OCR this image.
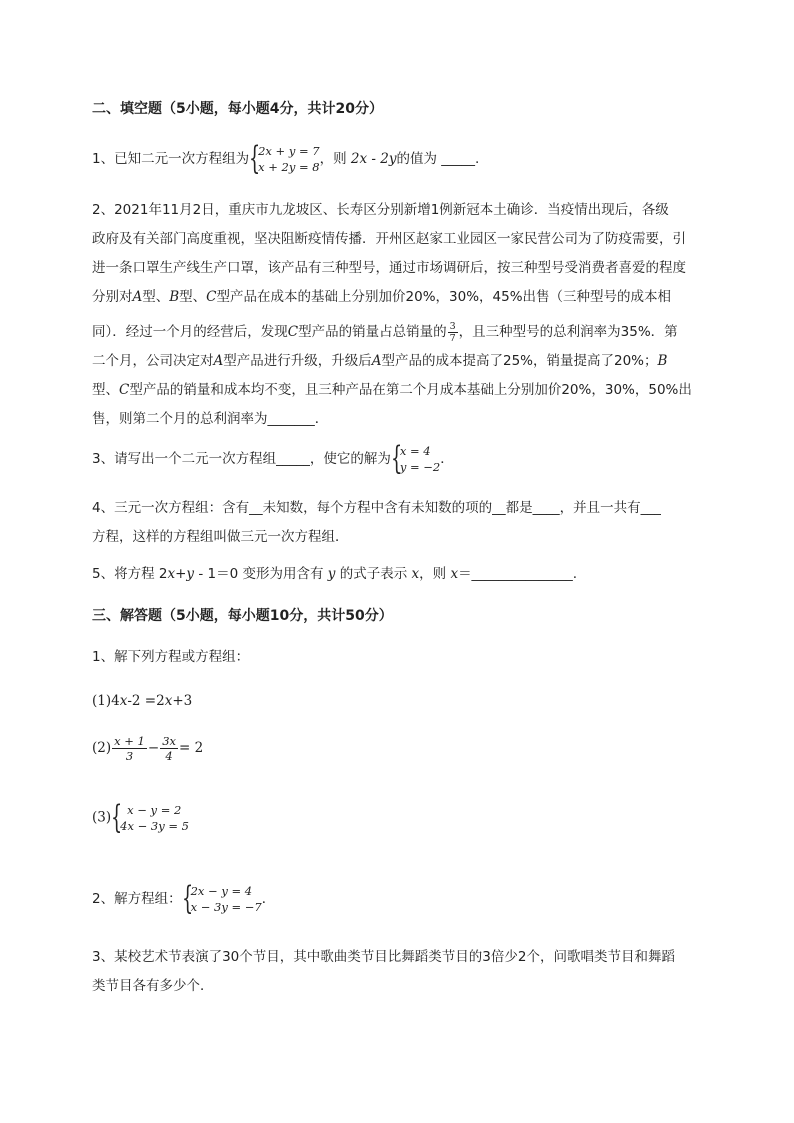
二、填空题（5小题，每小题4分，共计20分）
1、已知二元一次方程组为 {
2x + y = 7
x + 2y = 8 ，则 2x - 2y的值为 _____.
2、2021年11月2日，重庆市九龙坡区、长寿区分别新增1例新冠本土确诊．当疫情出现后，各级
政府及有关部门高度重视，坚决阻断疫情传播．开州区赵家工业园区一家民营公司为了防疫需要，引
进一条口罩生产线生产口罩，该产品有三种型号，通过市场调研后，按三种型号受消费者喜爱的程度
分别对A型、B型、C型产品在成本的基础上分别加价20%，30%，45%出售（三种型号的成本相
同）．经过一个月的经营后，发现C型产品的销量占总销量的 $\frac{3}{7}$ ，且三种型号的总利润率为35%．第
二个月，公司决定对A型产品进行升级，升级后A型产品的成本提高了25%，销量提高了20%；B
型、C型产品的销量和成本均不变，且三种产品在第二个月成本基础上分别加价20%，30%，50%出
售，则第二个月的总利润率为_______．
3、请写出一个二元一次方程组_____，使它的解为 {
x = 4
y = −2 ．
4、三元一次方程组：含有__未知数，每个方程中含有未知数的项的__都是____，并且一共有___
方程，这样的方程组叫做三元一次方程组．
5、将方程 2x+y - 1＝0 变形为用含有 y 的式子表示 x，则 x＝_______________.
三、解答题（5小题，每小题10分，共计50分）
1、解下列方程或方程组：
(1)4x-2 =2x+3
$(2) \frac{x + 1}{3} - \frac{3x}{4} = 2$
(3) { x − y = 2
4x − 3y = 5
2、解方程组： {
2x − y = 4
x − 3y = −7 ．
3、某校艺术节表演了30个节目，其中歌曲类节目比舞蹈类节目的3倍少2个，问歌唱类节目和舞蹈
类节目各有多少个．
